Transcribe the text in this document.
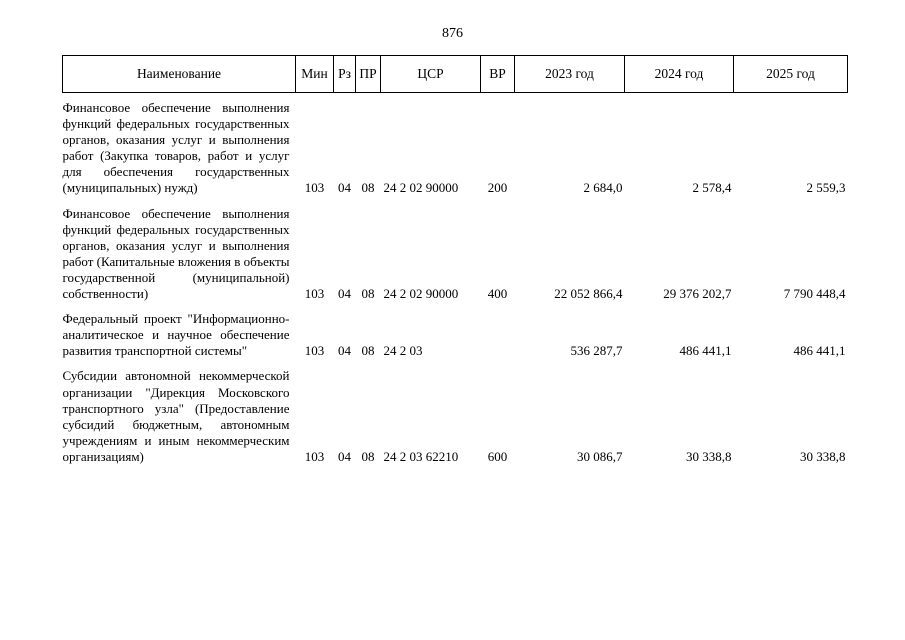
876
Наименование	Мин	Рз	ПР	ЦСР	ВР	2023 год	2024 год	2025 год
Финансовое обеспечение выполнения функций федеральных государственных органов, оказания услуг и выполнения работ (Закупка товаров, работ и услуг для обеспечения государственных (муниципальных) нужд)	103	04	08	24 2 02 90000	200	2 684,0	2 578,4	2 559,3
Финансовое обеспечение выполнения функций федеральных государственных органов, оказания услуг и выполнения работ (Капитальные вложения в объекты государственной (муниципальной) собственности)	103	04	08	24 2 02 90000	400	22 052 866,4	29 376 202,7	7 790 448,4
Федеральный проект "Информационно-аналитическое и научное обеспечение развития транспортной системы"	103	04	08	24 2 03		536 287,7	486 441,1	486 441,1
Субсидии автономной некоммерческой организации "Дирекция Московского транспортного узла" (Предоставление субсидий бюджетным, автономным учреждениям и иным некоммерческим организациям)	103	04	08	24 2 03 62210	600	30 086,7	30 338,8	30 338,8
